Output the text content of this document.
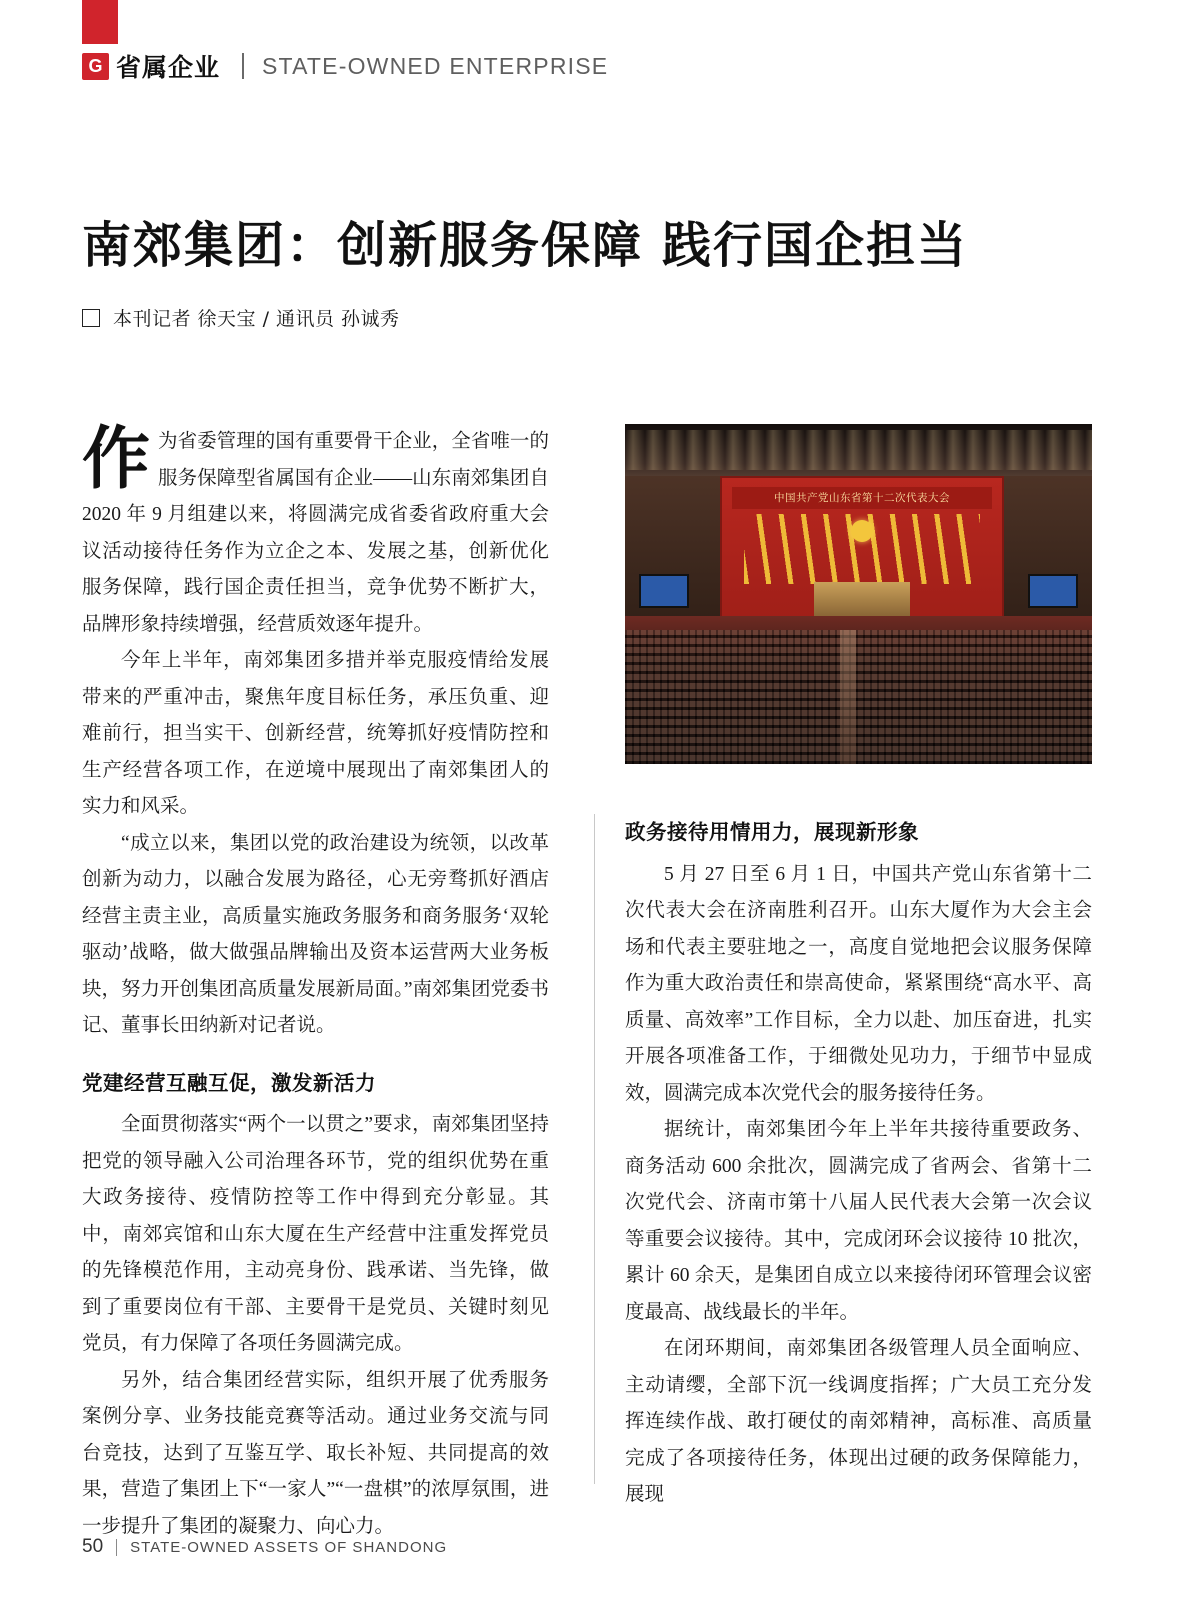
G 省属企业 STATE-OWNED ENTERPRISE
南郊集团：创新服务保障 践行国企担当
本刊记者 徐天宝 / 通讯员 孙诚秀

作为省委管理的国有重要骨干企业，全省唯一的服务保障型省属国有企业——山东南郊集团自 2020 年 9 月组建以来，将圆满完成省委省政府重大会议活动接待任务作为立企之本、发展之基，创新优化服务保障，践行国企责任担当，竞争优势不断扩大，品牌形象持续增强，经营质效逐年提升。

今年上半年，南郊集团多措并举克服疫情给发展带来的严重冲击，聚焦年度目标任务，承压负重、迎难前行，担当实干、创新经营，统筹抓好疫情防控和生产经营各项工作，在逆境中展现出了南郊集团人的实力和风采。

“成立以来，集团以党的政治建设为统领，以改革创新为动力，以融合发展为路径，心无旁骛抓好酒店经营主责主业，高质量实施政务服务和商务服务‘双轮驱动’战略，做大做强品牌输出及资本运营两大业务板块，努力开创集团高质量发展新局面。”南郊集团党委书记、董事长田纳新对记者说。

党建经营互融互促，激发新活力

全面贯彻落实“两个一以贯之”要求，南郊集团坚持把党的领导融入公司治理各环节，党的组织优势在重大政务接待、疫情防控等工作中得到充分彰显。其中，南郊宾馆和山东大厦在生产经营中注重发挥党员的先锋模范作用，主动亮身份、践承诺、当先锋，做到了重要岗位有干部、主要骨干是党员、关键时刻见党员，有力保障了各项任务圆满完成。

另外，结合集团经营实际，组织开展了优秀服务案例分享、业务技能竞赛等活动。通过业务交流与同台竞技，达到了互鉴互学、取长补短、共同提高的效果，营造了集团上下“一家人”“一盘棋”的浓厚氛围，进一步提升了集团的凝聚力、向心力。

中国共产党山东省第十二次代表大会
政务接待用情用力，展现新形象

5 月 27 日至 6 月 1 日，中国共产党山东省第十二次代表大会在济南胜利召开。山东大厦作为大会主会场和代表主要驻地之一，高度自觉地把会议服务保障作为重大政治责任和崇高使命，紧紧围绕“高水平、高质量、高效率”工作目标，全力以赴、加压奋进，扎实开展各项准备工作，于细微处见功力，于细节中显成效，圆满完成本次党代会的服务接待任务。

据统计，南郊集团今年上半年共接待重要政务、商务活动 600 余批次，圆满完成了省两会、省第十二次党代会、济南市第十八届人民代表大会第一次会议等重要会议接待。其中，完成闭环会议接待 10 批次，累计 60 余天，是集团自成立以来接待闭环管理会议密度最高、战线最长的半年。

在闭环期间，南郊集团各级管理人员全面响应、主动请缨，全部下沉一线调度指挥；广大员工充分发挥连续作战、敢打硬仗的南郊精神，高标准、高质量完成了各项接待任务，体现出过硬的政务保障能力，展现

50 STATE-OWNED ASSETS OF SHANDONG
